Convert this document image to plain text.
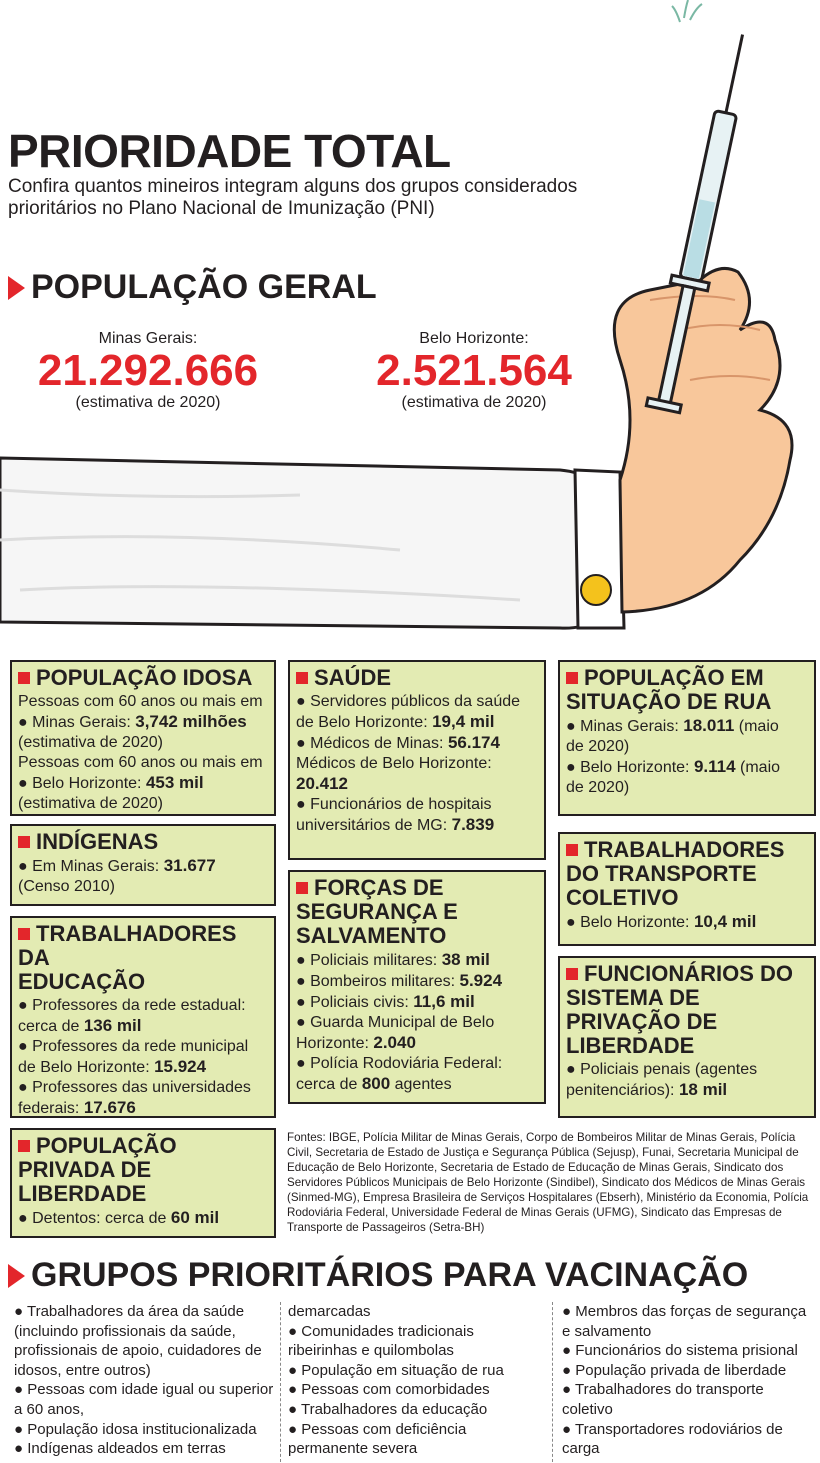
PRIORIDADE TOTAL
Confira quantos mineiros integram alguns dos grupos considerados prioritários no Plano Nacional de Imunização (PNI)
POPULAÇÃO GERAL
Minas Gerais:
21.292.666
(estimativa de 2020)
Belo Horizonte:
2.521.564
(estimativa de 2020)
POPULAÇÃO IDOSA

Pessoas com 60 anos ou mais em

● Minas Gerais: 3,742 milhões

(estimativa de 2020)

Pessoas com 60 anos ou mais em

● Belo Horizonte: 453 mil

(estimativa de 2020)

INDÍGENAS

● Em Minas Gerais: 31.677

(Censo 2010)

TRABALHADORES DA
EDUCAÇÃO

● Professores da rede estadual:

cerca de 136 mil

● Professores da rede municipal

de Belo Horizonte: 15.924

● Professores das universidades

federais: 17.676

POPULAÇÃO
PRIVADA DE
LIBERDADE

● Detentos: cerca de 60 mil

SAÚDE

● Servidores públicos da saúde

de Belo Horizonte: 19,4 mil

● Médicos de Minas: 56.174

Médicos de Belo Horizonte:

20.412

● Funcionários de hospitais

universitários de MG: 7.839

FORÇAS DE
SEGURANÇA E
SALVAMENTO

● Policiais militares: 38 mil

● Bombeiros militares: 5.924

● Policiais civis: 11,6 mil

● Guarda Municipal de Belo

Horizonte: 2.040

● Polícia Rodoviária Federal:

cerca de 800 agentes

POPULAÇÃO EM
SITUAÇÃO DE RUA

● Minas Gerais: 18.011 (maio

de 2020)

● Belo Horizonte: 9.114 (maio

de 2020)

TRABALHADORES
DO TRANSPORTE
COLETIVO

● Belo Horizonte: 10,4 mil

FUNCIONÁRIOS DO
SISTEMA DE
PRIVAÇÃO DE
LIBERDADE

● Policiais penais (agentes

penitenciários): 18 mil

Fontes: IBGE, Polícia Militar de Minas Gerais, Corpo de Bombeiros Militar de Minas Gerais, Polícia Civil, Secretaria de Estado de Justiça e Segurança Pública (Sejusp), Funai, Secretaria Municipal de Educação de Belo Horizonte, Secretaria de Estado de Educação de Minas Gerais, Sindicato dos Servidores Públicos Municipais de Belo Horizonte (Sindibel), Sindicato dos Médicos de Minas Gerais (Sinmed-MG), Empresa Brasileira de Serviços Hospitalares (Ebserh), Ministério da Economia, Polícia Rodoviária Federal, Universidade Federal de Minas Gerais (UFMG), Sindicato das Empresas de Transporte de Passageiros (Setra-BH)
GRUPOS PRIORITÁRIOS PARA VACINAÇÃO
● Trabalhadores da área da saúde
(incluindo profissionais da saúde,
profissionais de apoio, cuidadores de
idosos, entre outros)
● Pessoas com idade igual ou superior
a 60 anos,
● População idosa institucionalizada
● Indígenas aldeados em terras
demarcadas
● Comunidades tradicionais
ribeirinhas e quilombolas
● População em situação de rua
● Pessoas com comorbidades
● Trabalhadores da educação
● Pessoas com deficiência
permanente severa
● Membros das forças de segurança
e salvamento
● Funcionários do sistema prisional
● População privada de liberdade
● Trabalhadores do transporte
coletivo
● Transportadores rodoviários de
carga
